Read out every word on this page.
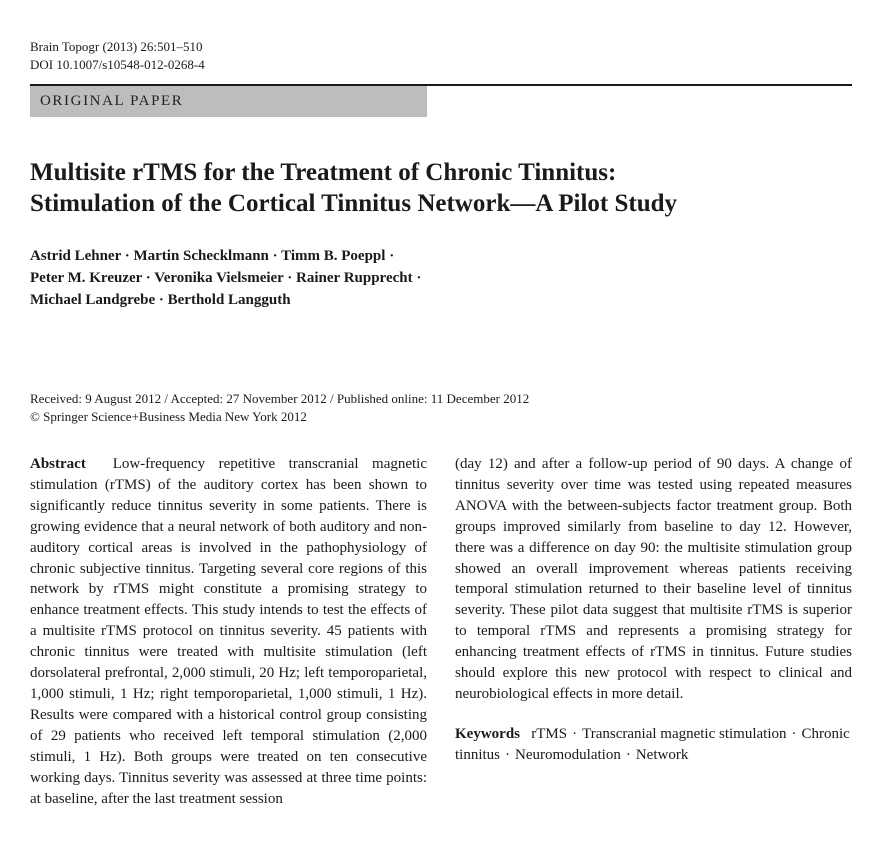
Brain Topogr (2013) 26:501–510
DOI 10.1007/s10548-012-0268-4
ORIGINAL PAPER
Multisite rTMS for the Treatment of Chronic Tinnitus:
Stimulation of the Cortical Tinnitus Network—A Pilot Study
Astrid Lehner · Martin Schecklmann · Timm B. Poeppl ·
Peter M. Kreuzer · Veronika Vielsmeier · Rainer Rupprecht ·
Michael Landgrebe · Berthold Langguth
Received: 9 August 2012 / Accepted: 27 November 2012 / Published online: 11 December 2012
© Springer Science+Business Media New York 2012

Abstract Low-frequency repetitive transcranial magnetic stimulation (rTMS) of the auditory cortex has been shown to significantly reduce tinnitus severity in some patients. There is growing evidence that a neural network of both auditory and non-auditory cortical areas is involved in the pathophysiology of chronic subjective tinnitus. Targeting several core regions of this network by rTMS might constitute a promising strategy to enhance treatment effects. This study intends to test the effects of a multisite rTMS protocol on tinnitus severity. 45 patients with chronic tinnitus were treated with multisite stimulation (left dorsolateral prefrontal, 2,000 stimuli, 20 Hz; left temporoparietal, 1,000 stimuli, 1 Hz; right temporoparietal, 1,000 stimuli, 1 Hz). Results were compared with a historical control group consisting of 29 patients who received left temporal stimulation (2,000 stimuli, 1 Hz). Both groups were treated on ten consecutive working days. Tinnitus severity was assessed at three time points: at baseline, after the last treatment session

(day 12) and after a follow-up period of 90 days. A change of tinnitus severity over time was tested using repeated measures ANOVA with the between-subjects factor treatment group. Both groups improved similarly from baseline to day 12. However, there was a difference on day 90: the multisite stimulation group showed an overall improvement whereas patients receiving temporal stimulation returned to their baseline level of tinnitus severity. These pilot data suggest that multisite rTMS is superior to temporal rTMS and represents a promising strategy for enhancing treatment effects of rTMS in tinnitus. Future studies should explore this new protocol with respect to clinical and neurobiological effects in more detail.

Keywords rTMS · Transcranial magnetic stimulation · Chronic tinnitus · Neuromodulation · Network
